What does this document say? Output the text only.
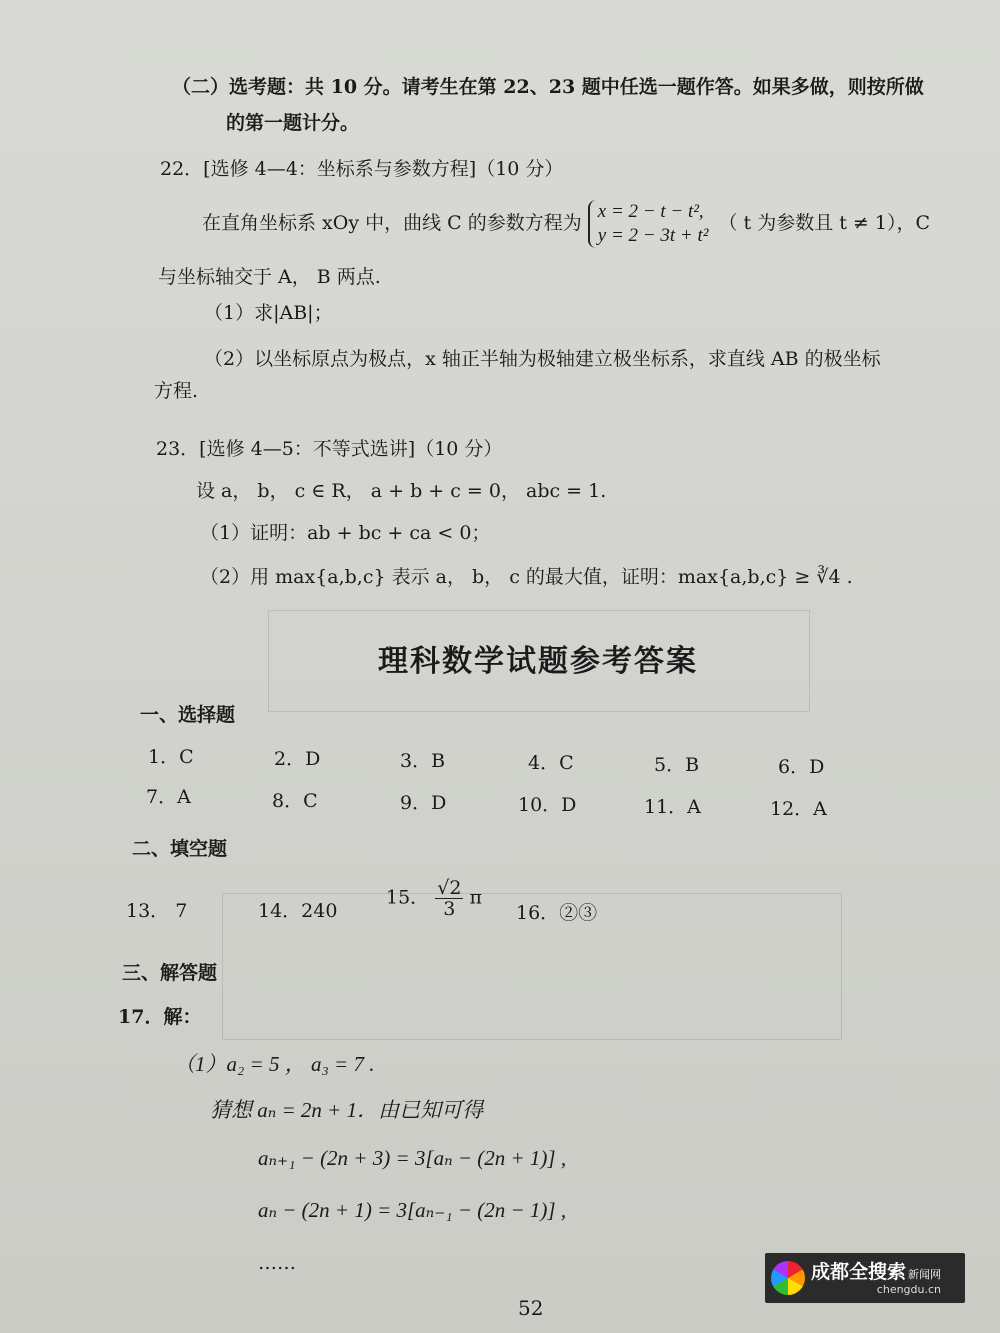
（二）选考题：共 10 分。请考生在第 22、23 题中任选一题作答。如果多做，则按所做
的第一题计分。
22．[选修 4—4：坐标系与参数方程]（10 分）
在直角坐标系 xOy 中，曲线 C 的参数方程为
x = 2 − t − t²,
y = 2 − 3t + t²
（ t 为参数且 t ≠ 1），C
与坐标轴交于 A， B 两点.
（1）求|AB|；
（2）以坐标原点为极点，x 轴正半轴为极轴建立极坐标系，求直线 AB 的极坐标
方程.
23．[选修 4—5：不等式选讲]（10 分）
设 a， b， c ∈ R， a + b + c = 0， abc = 1.
（1）证明：ab + bc + ca < 0；
（2）用 max{a,b,c} 表示 a， b， c 的最大值，证明：max{a,b,c} ≥ ∛4 .
理科数学试题参考答案
一、选择题
1．C	2．D	3．B	4．C	5．B	6．D
7．A	8．C	9．D	10．D	11．A	12．A
二、填空题
13． 7	14．240
15． $\frac{√2}{3}$ π
16．②③
三、解答题
17．解：
（1）a₂ = 5 ， a₃ = 7 .
猜想 aₙ = 2n + 1．由已知可得
aₙ₊₁ − (2n + 3) = 3[aₙ − (2n + 1)] ,
aₙ − (2n + 1) = 3[aₙ₋₁ − (2n − 1)] ,
……
52
成都全搜索 新闻网
chengdu.cn
